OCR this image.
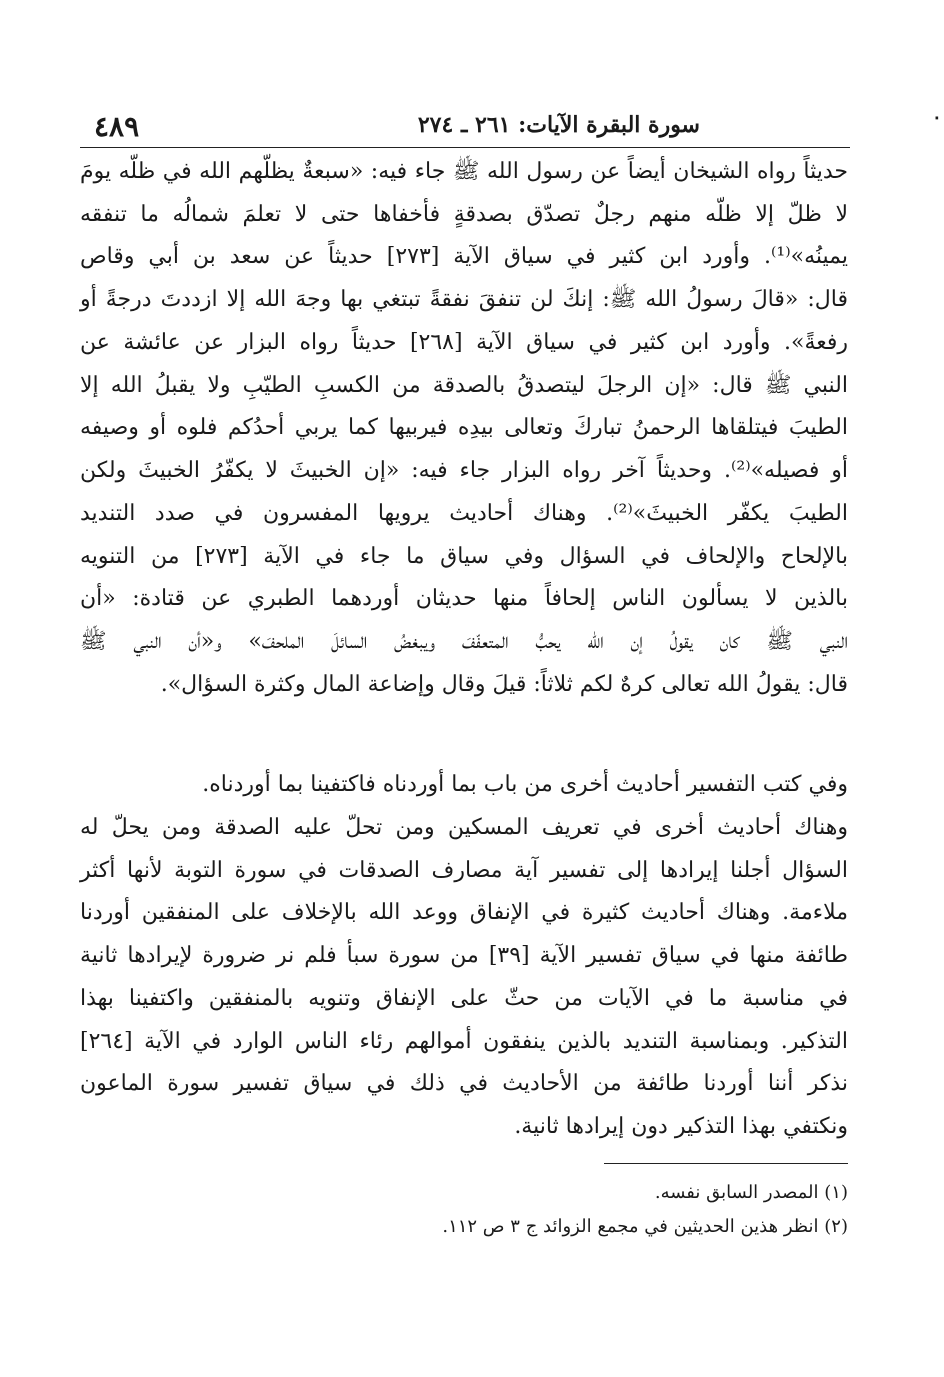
٤٨٩	سورة البقرة الآيات: ٢٦١ ـ ٢٧٤	٠
حديثاً رواه الشيخان أيضاً عن رسول الله ﷺ جاء فيه: «سبعةٌ يظلّهم الله في ظلّه يومَ
لا ظلّ إلا ظلّه منهم رجلٌ تصدّق بصدقةٍ فأخفاها حتى لا تعلمَ شمالُه ما تنفقه
يمينُه»⁽¹⁾. وأورد ابن كثير في سياق الآية [٢٧٣] حديثاً عن سعد بن أبي وقاص
قال: «قالَ رسولُ الله ﷺ: إنكَ لن تنفقَ نفقةً تبتغي بها وجهَ الله إلا ازددتَ درجةً أو
رفعةً». وأورد ابن كثير في سياق الآية [٢٦٨] حديثاً رواه البزار عن عائشة عن
النبي ﷺ قال: «إن الرجلَ ليتصدقُ بالصدقة من الكسبِ الطيّبِ ولا يقبلُ الله إلا
الطيبَ فيتلقاها الرحمنُ تباركَ وتعالى بيدِه فيربيها كما يربي أحدُكم فلوه أو وصيفه
أو فصيله»⁽²⁾. وحديثاً آخر رواه البزار جاء فيه: «إن الخبيثَ لا يكفّرُ الخبيثَ ولكن
الطيبَ يكفّر الخبيثَ»⁽²⁾. وهناك أحاديث يرويها المفسرون في صدد التنديد
بالإلحاح والإلحاف في السؤال وفي سياق ما جاء في الآية [٢٧٣] من التنويه
بالذين لا يسألون الناس إلحافاً منها حديثان أوردهما الطبري عن قتادة: «أن
النبي ﷺ كان يقولُ إن الله يحبُّ المتعفّفَ ويبغضُ السائلَ الملحفَ» و«أن النبي ﷺ
قال: يقولُ الله تعالى كرهٌ لكم ثلاثاً: قيلَ وقال وإضاعة المال وكثرة السؤال».
وفي كتب التفسير أحاديث أخرى من باب بما أوردناه فاكتفينا بما أوردناه.
وهناك أحاديث أخرى في تعريف المسكين ومن تحلّ عليه الصدقة ومن يحلّ له
السؤال أجلنا إيرادها إلى تفسير آية مصارف الصدقات في سورة التوبة لأنها أكثر
ملاءمة. وهناك أحاديث كثيرة في الإنفاق ووعد الله بالإخلاف على المنفقين أوردنا
طائفة منها في سياق تفسير الآية [٣٩] من سورة سبأ فلم نر ضرورة لإيرادها ثانية
في مناسبة ما في الآيات من حثّ على الإنفاق وتنويه بالمنفقين واكتفينا بهذا
التذكير. وبمناسبة التنديد بالذين ينفقون أموالهم رئاء الناس الوارد في الآية [٢٦٤]
نذكر أننا أوردنا طائفة من الأحاديث في ذلك في سياق تفسير سورة الماعون
ونكتفي بهذا التذكير دون إيرادها ثانية.
(١) المصدر السابق نفسه.
(٢) انظر هذين الحديثين في مجمع الزوائد ج ٣ ص ١١٢.
